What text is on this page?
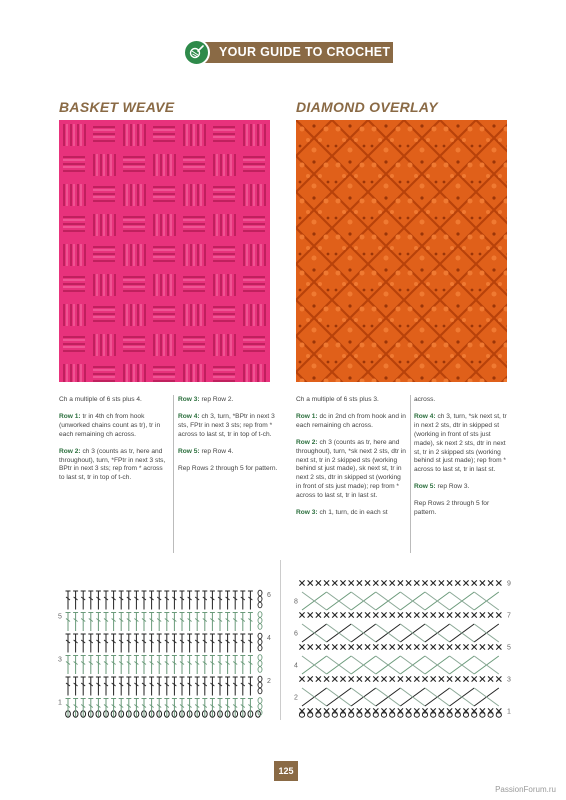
YOUR GUIDE TO CROCHET
BASKET WEAVE	DIAMOND OVERLAY

Ch a multiple of 6 sts plus 4.

Row 1: tr in 4th ch from hook (unworked chains count as tr), tr in each remaining ch across.

Row 2: ch 3 (counts as tr, here and throughout), turn, *FPtr in next 3 sts, BPtr in next 3 sts; rep from * across to last st, tr in top of t-ch.

Row 3: rep Row 2.

Row 4: ch 3, turn, *BPtr in next 3 sts, FPtr in next 3 sts; rep from * across to last st, tr in top of t-ch.

Row 5: rep Row 4.

Rep Rows 2 through 5 for pattern.

Ch a multiple of 6 sts plus 3.

Row 1: dc in 2nd ch from hook and in each remaining ch across.

Row 2: ch 3 (counts as tr, here and throughout), turn, *sk next 2 sts, dtr in next st, tr in 2 skipped sts (working behind st just made), sk next st, tr in next 2 sts, dtr in skipped st (working in front of sts just made); rep from * across to last st, tr in last st.

Row 3: ch 1, turn, dc in each st

across.

Row 4: ch 3, turn, *sk next st, tr in next 2 sts, dtr in skipped st (working in front of sts just made), sk next 2 sts, dtr in next st, tr in 2 skipped sts (working behind st just made); rep from * across to last st, tr in last st.

Row 5: rep Row 3.

Rep Rows 2 through 5 for pattern.

6
5
4
3
2
1
9
8
7
6
5
4
3
2
1
125
PassionForum.ru
